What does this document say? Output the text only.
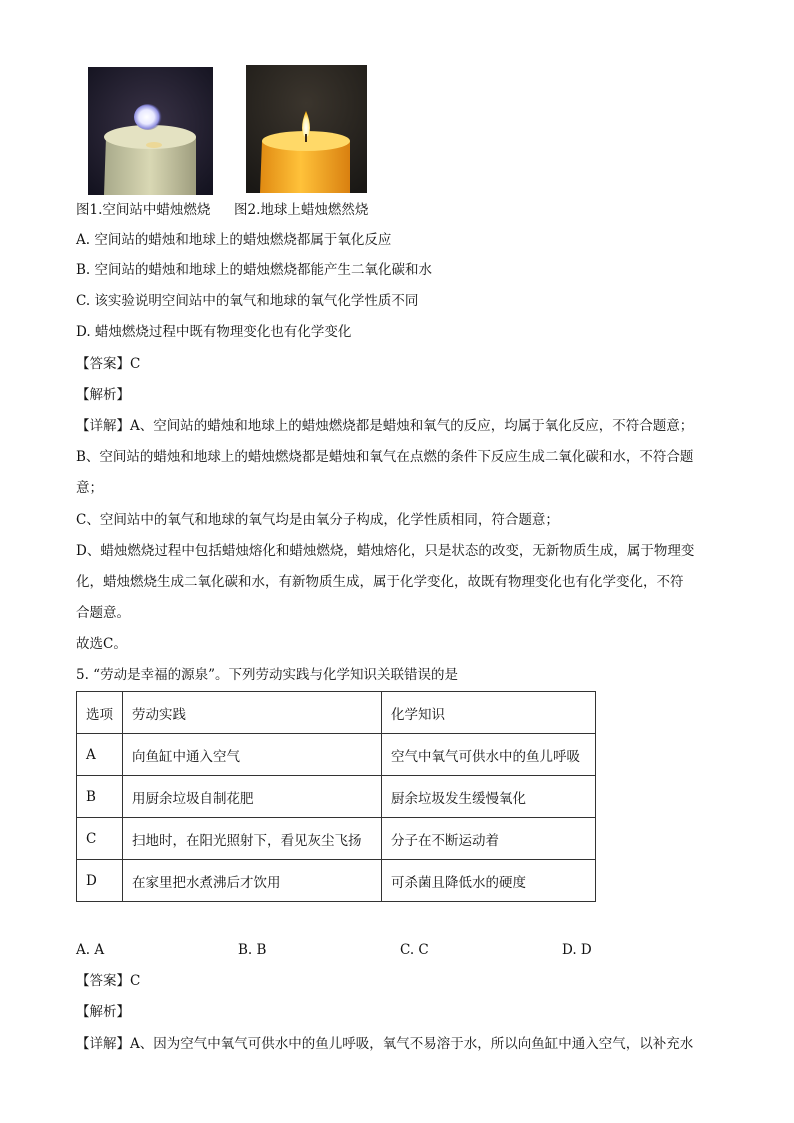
图1.空间站中蜡烛燃烧 图2.地球上蜡烛燃然烧
A. 空间站的蜡烛和地球上的蜡烛燃烧都属于氧化反应
B. 空间站的蜡烛和地球上的蜡烛燃烧都能产生二氧化碳和水
C. 该实验说明空间站中的氧气和地球的氧气化学性质不同
D. 蜡烛燃烧过程中既有物理变化也有化学变化
【答案】C
【解析】
【详解】A、空间站的蜡烛和地球上的蜡烛燃烧都是蜡烛和氧气的反应，均属于氧化反应，不符合题意；
B、空间站的蜡烛和地球上的蜡烛燃烧都是蜡烛和氧气在点燃的条件下反应生成二氧化碳和水，不符合题
意；
C、空间站中的氧气和地球的氧气均是由氧分子构成，化学性质相同，符合题意；
D、蜡烛燃烧过程中包括蜡烛熔化和蜡烛燃烧，蜡烛熔化，只是状态的改变，无新物质生成，属于物理变
化，蜡烛燃烧生成二氧化碳和水，有新物质生成，属于化学变化，故既有物理变化也有化学变化，不符
合题意。
故选C。
5. “劳动是幸福的源泉”。下列劳动实践与化学知识关联错误的是
选项	劳动实践	化学知识
A	向鱼缸中通入空气	空气中氧气可供水中的鱼儿呼吸
B	用厨余垃圾自制花肥	厨余垃圾发生缓慢氧化
C	扫地时，在阳光照射下，看见灰尘飞扬	分子在不断运动着
D	在家里把水煮沸后才饮用	可杀菌且降低水的硬度
A. A	B. B	C. C	D. D
【答案】C
【解析】
【详解】A、因为空气中氧气可供水中的鱼儿呼吸，氧气不易溶于水，所以向鱼缸中通入空气，以补充水
